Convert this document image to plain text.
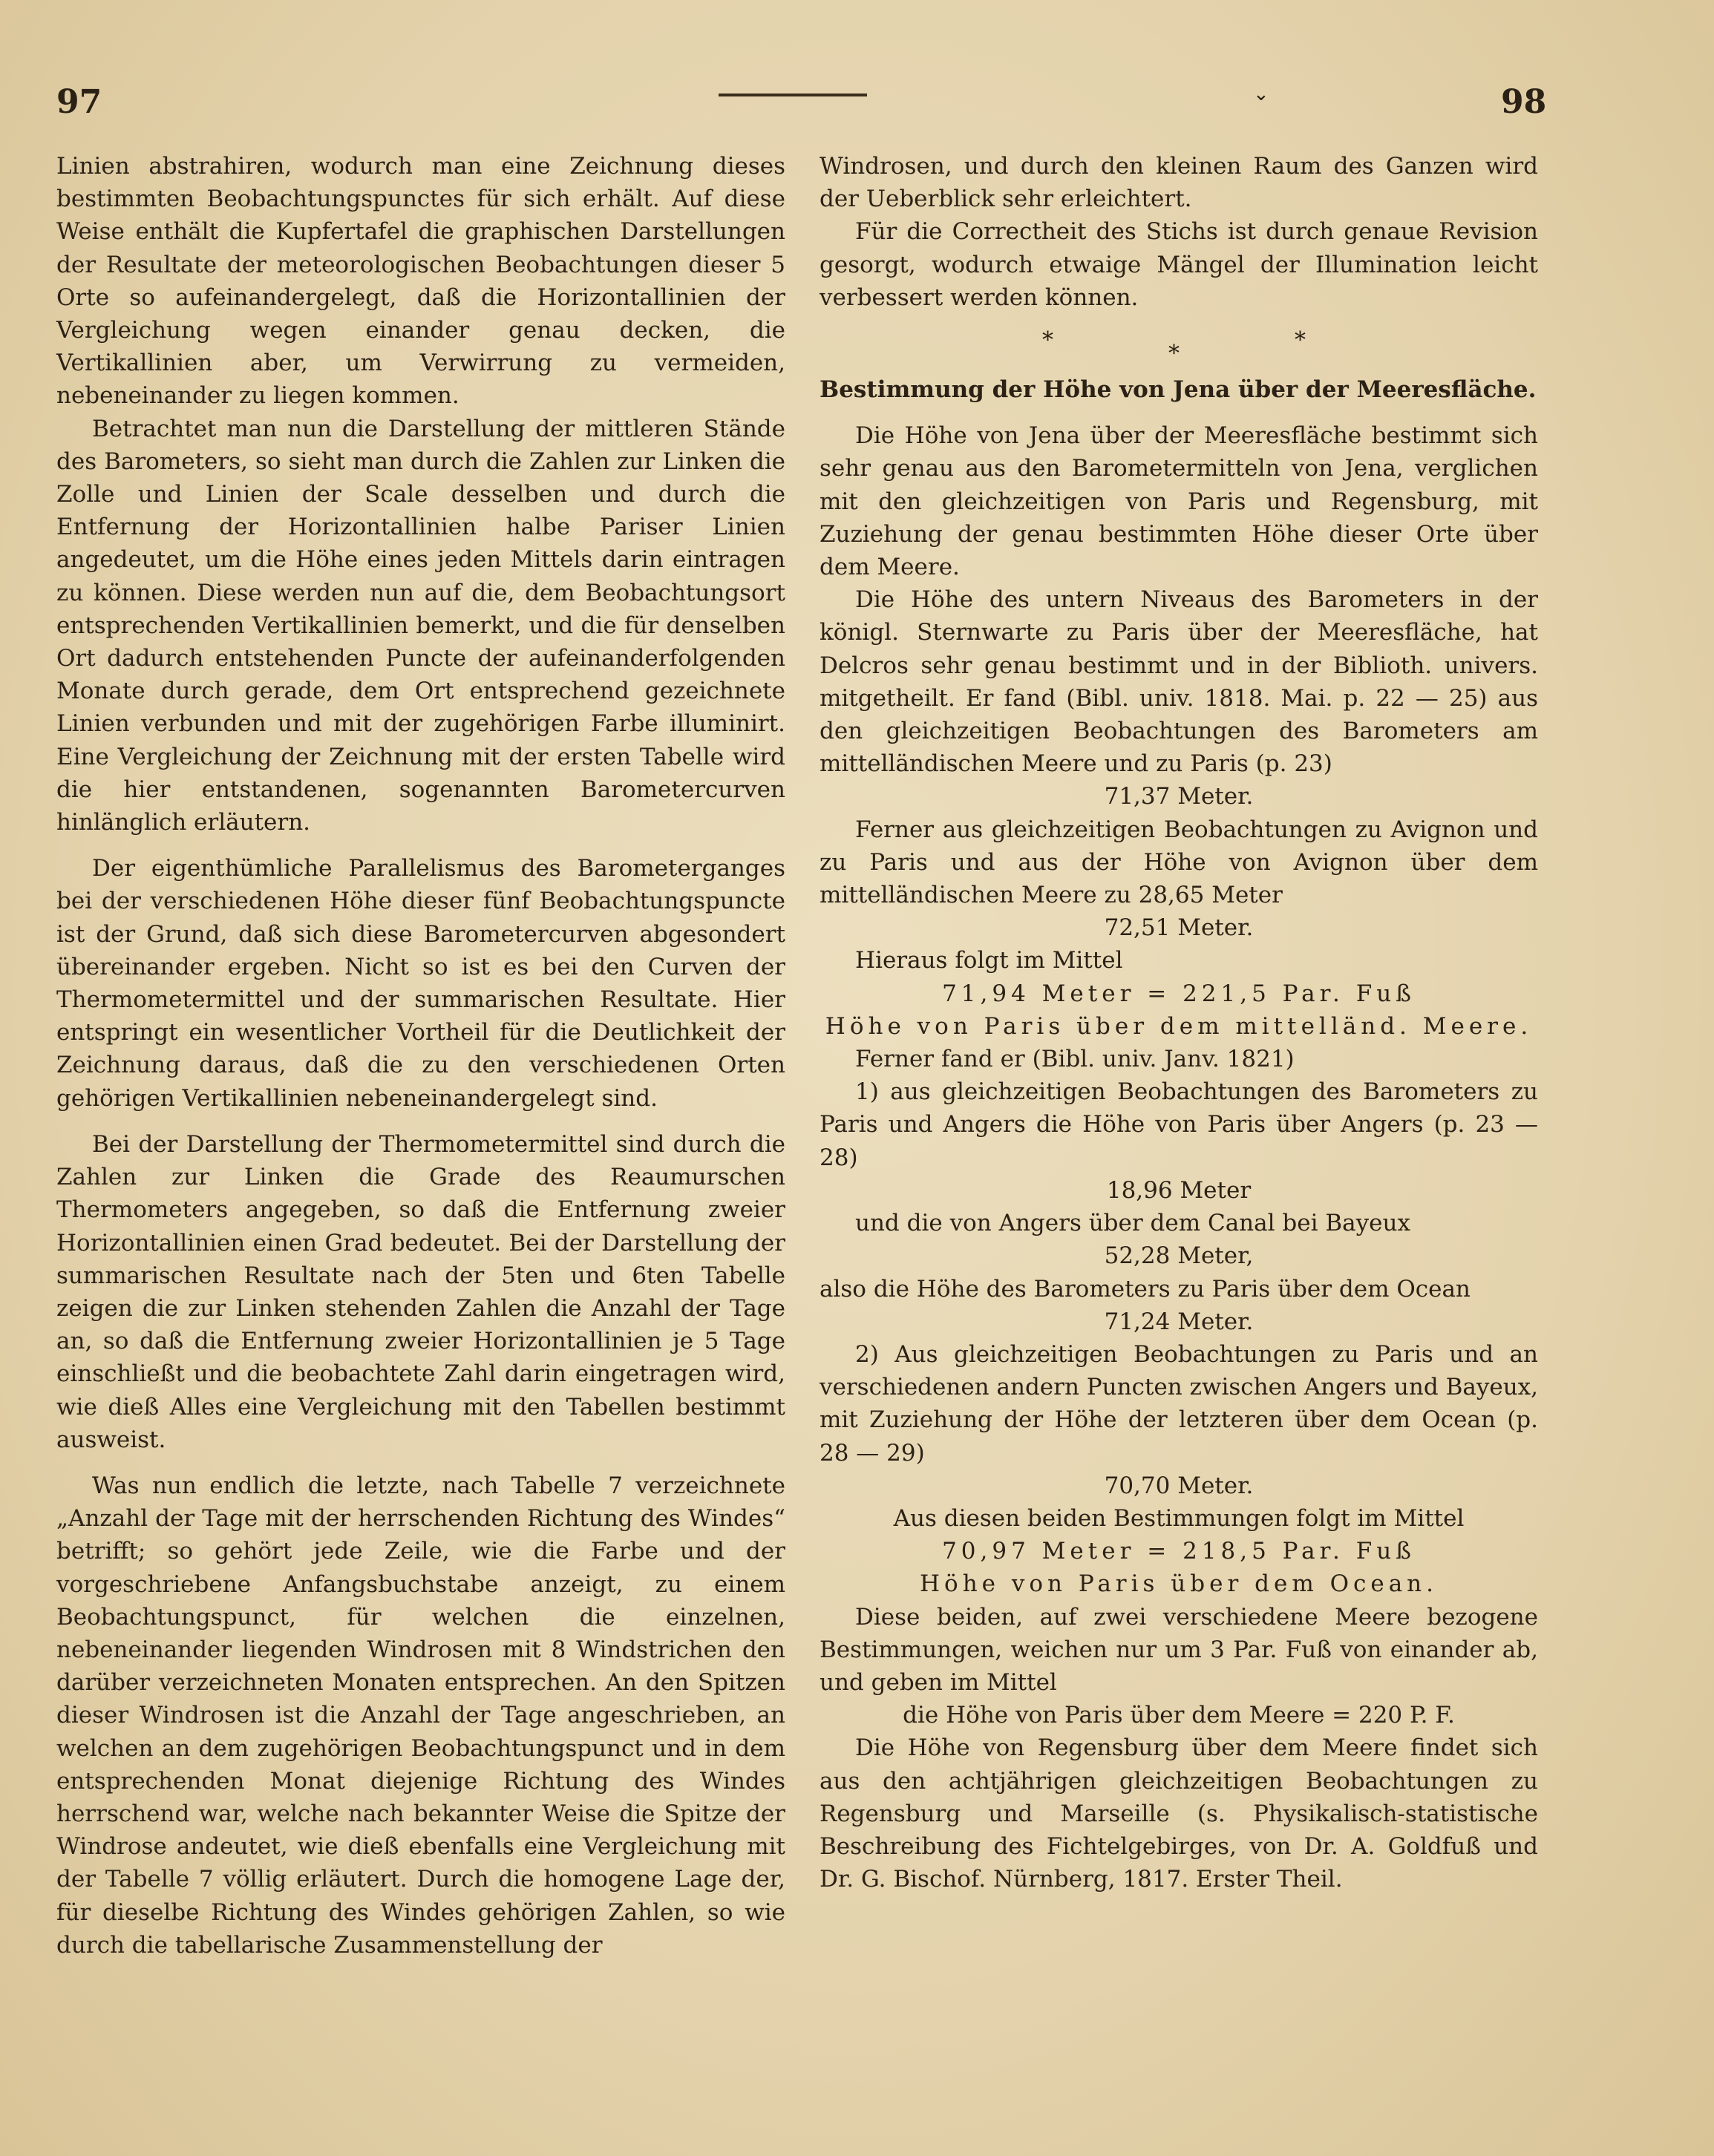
97	⌄	98

Linien abstrahiren, wodurch man eine Zeichnung dieses bestimmten Beobachtungspunctes für sich erhält. Auf diese Weise enthält die Kupfertafel die graphischen Darstellungen der Resultate der meteorologischen Beobachtungen dieser 5 Orte so aufeinandergelegt, daß die Horizontallinien der Vergleichung wegen einander genau decken, die Vertikallinien aber, um Verwirrung zu vermeiden, nebeneinander zu liegen kommen.

Betrachtet man nun die Darstellung der mittleren Stände des Barometers, so sieht man durch die Zahlen zur Linken die Zolle und Linien der Scale desselben und durch die Entfernung der Horizontallinien halbe Pariser Linien angedeutet, um die Höhe eines jeden Mittels darin eintragen zu können. Diese werden nun auf die, dem Beobachtungsort entsprechenden Vertikallinien bemerkt, und die für denselben Ort dadurch entstehenden Puncte der aufeinanderfolgenden Monate durch gerade, dem Ort entsprechend gezeichnete Linien verbunden und mit der zugehörigen Farbe illuminirt. Eine Vergleichung der Zeichnung mit der ersten Tabelle wird die hier entstandenen, sogenannten Barometercurven hinlänglich erläutern.

Der eigenthümliche Parallelismus des Barometerganges bei der verschiedenen Höhe dieser fünf Beobachtungspuncte ist der Grund, daß sich diese Barometercurven abgesondert übereinander ergeben. Nicht so ist es bei den Curven der Thermometermittel und der summarischen Resultate. Hier entspringt ein wesentlicher Vortheil für die Deutlichkeit der Zeichnung daraus, daß die zu den verschiedenen Orten gehörigen Vertikallinien nebeneinandergelegt sind.

Bei der Darstellung der Thermometermittel sind durch die Zahlen zur Linken die Grade des Reaumurschen Thermometers angegeben, so daß die Entfernung zweier Horizontallinien einen Grad bedeutet. Bei der Darstellung der summarischen Resultate nach der 5ten und 6ten Tabelle zeigen die zur Linken stehenden Zahlen die Anzahl der Tage an, so daß die Entfernung zweier Horizontallinien je 5 Tage einschließt und die beobachtete Zahl darin eingetragen wird, wie dieß Alles eine Vergleichung mit den Tabellen bestimmt ausweist.

Was nun endlich die letzte, nach Tabelle 7 verzeichnete „Anzahl der Tage mit der herrschenden Richtung des Windes“ betrifft; so gehört jede Zeile, wie die Farbe und der vorgeschriebene Anfangsbuchstabe anzeigt, zu einem Beobachtungspunct, für welchen die einzelnen, nebeneinander liegenden Windrosen mit 8 Windstrichen den darüber verzeichneten Monaten entsprechen. An den Spitzen dieser Windrosen ist die Anzahl der Tage angeschrieben, an welchen an dem zugehörigen Beobachtungspunct und in dem entsprechenden Monat diejenige Richtung des Windes herrschend war, welche nach bekannter Weise die Spitze der Windrose andeutet, wie dieß ebenfalls eine Vergleichung mit der Tabelle 7 völlig erläutert. Durch die homogene Lage der, für dieselbe Richtung des Windes gehörigen Zahlen, so wie durch die tabellarische Zusammenstellung der

Windrosen, und durch den kleinen Raum des Ganzen wird der Ueberblick sehr erleichtert.

Für die Correctheit des Stichs ist durch genaue Revision gesorgt, wodurch etwaige Mängel der Illumination leicht verbessert werden können.

*
*
*

Bestimmung der Höhe von Jena über der Meeresfläche.

Die Höhe von Jena über der Meeresfläche bestimmt sich sehr genau aus den Barometermitteln von Jena, verglichen mit den gleichzeitigen von Paris und Regensburg, mit Zuziehung der genau bestimmten Höhe dieser Orte über dem Meere.

Die Höhe des untern Niveaus des Barometers in der königl. Sternwarte zu Paris über der Meeresfläche, hat Delcros sehr genau bestimmt und in der Biblioth. univers. mitgetheilt. Er fand (Bibl. univ. 1818. Mai. p. 22 — 25) aus den gleichzeitigen Beobachtungen des Barometers am mittelländischen Meere und zu Paris (p. 23)

71,37 Meter.

Ferner aus gleichzeitigen Beobachtungen zu Avignon und zu Paris und aus der Höhe von Avignon über dem mittelländischen Meere zu 28,65 Meter

72,51 Meter.

Hieraus folgt im Mittel

71,94 Meter = 221,5 Par. Fuß

Höhe von Paris über dem mittelländ. Meere.

Ferner fand er (Bibl. univ. Janv. 1821)

1) aus gleichzeitigen Beobachtungen des Barometers zu Paris und Angers die Höhe von Paris über Angers (p. 23 — 28)

18,96 Meter

und die von Angers über dem Canal bei Bayeux

52,28 Meter,

also die Höhe des Barometers zu Paris über dem Ocean

71,24 Meter.

2) Aus gleichzeitigen Beobachtungen zu Paris und an verschiedenen andern Puncten zwischen Angers und Bayeux, mit Zuziehung der Höhe der letzteren über dem Ocean (p. 28 — 29)

70,70 Meter.

Aus diesen beiden Bestimmungen folgt im Mittel

70,97 Meter = 218,5 Par. Fuß

Höhe von Paris über dem Ocean.

Diese beiden, auf zwei verschiedene Meere bezogene Bestimmungen, weichen nur um 3 Par. Fuß von einander ab, und geben im Mittel

die Höhe von Paris über dem Meere = 220 P. F.

Die Höhe von Regensburg über dem Meere findet sich aus den achtjährigen gleichzeitigen Beobachtungen zu Regensburg und Marseille (s. Physikalisch-statistische Beschreibung des Fichtelgebirges, von Dr. A. Goldfuß und Dr. G. Bischof. Nürnberg, 1817. Erster Theil.
